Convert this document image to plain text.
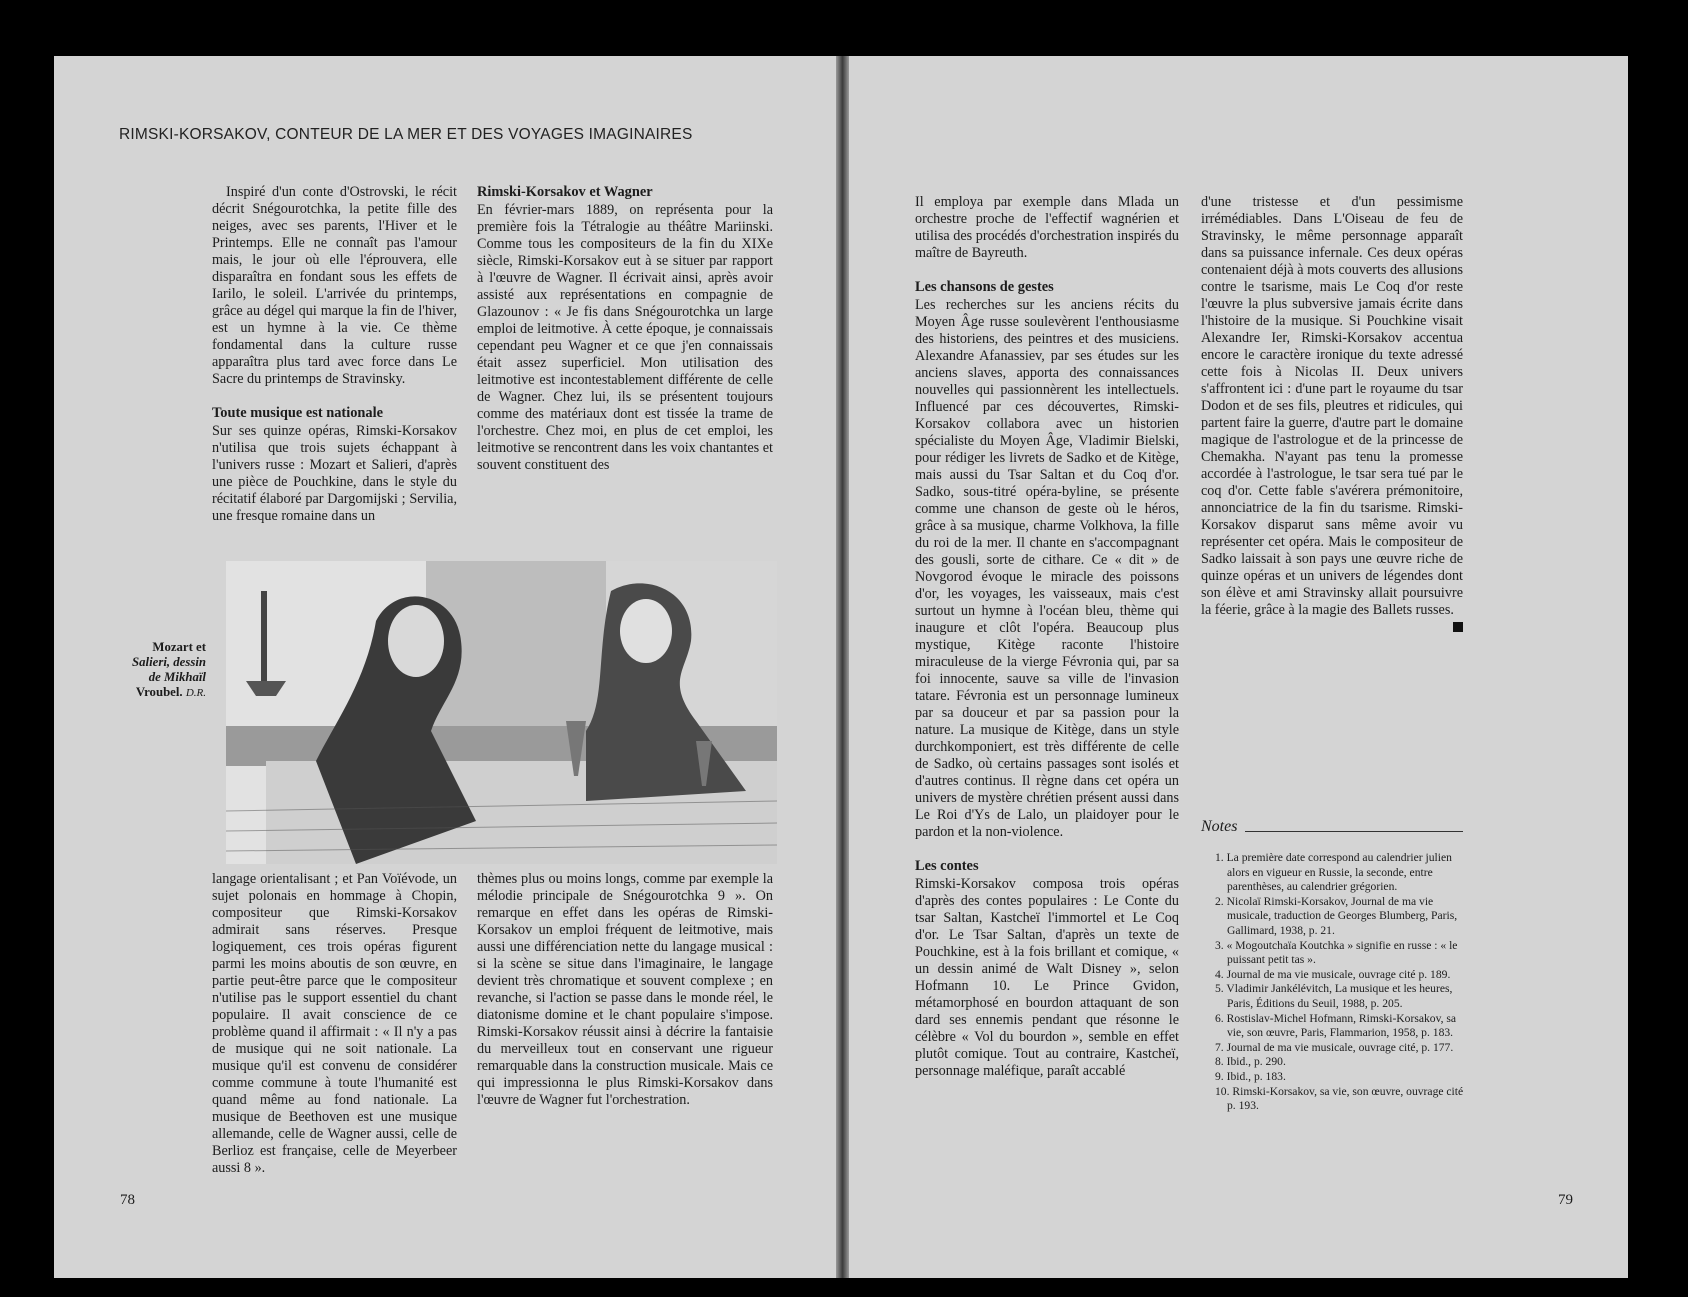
RIMSKI-KORSAKOV, CONTEUR DE LA MER ET DES VOYAGES IMAGINAIRES

Inspiré d'un conte d'Ostrovski, le récit décrit Snégourotchka, la petite fille des neiges, avec ses parents, l'Hiver et le Printemps. Elle ne connaît pas l'amour mais, le jour où elle l'éprouvera, elle disparaîtra en fondant sous les effets de Iarilo, le soleil. L'arrivée du printemps, grâce au dégel qui marque la fin de l'hiver, est un hymne à la vie. Ce thème fondamental dans la culture russe apparaîtra plus tard avec force dans Le Sacre du printemps de Stravinsky.

Toute musique est nationale

Sur ses quinze opéras, Rimski-Korsakov n'utilisa que trois sujets échappant à l'univers russe : Mozart et Salieri, d'après une pièce de Pouchkine, dans le style du récitatif élaboré par Dargomijski ; Servilia, une fresque romaine dans un

Rimski-Korsakov et Wagner

En février-mars 1889, on représenta pour la première fois la Tétralogie au théâtre Mariinski. Comme tous les compositeurs de la fin du XIXe siècle, Rimski-Korsakov eut à se situer par rapport à l'œuvre de Wagner. Il écrivait ainsi, après avoir assisté aux représentations en compagnie de Glazounov : « Je fis dans Snégourotchka un large emploi de leitmotive. À cette époque, je connaissais cependant peu Wagner et ce que j'en connaissais était assez superficiel. Mon utilisation des leitmotive est incontestablement différente de celle de Wagner. Chez lui, ils se présentent toujours comme des matériaux dont est tissée la trame de l'orchestre. Chez moi, en plus de cet emploi, les leitmotive se rencontrent dans les voix chantantes et souvent constituent des

Mozart et
Salieri, dessin
de Mikhaïl
Vroubel. D.R.

langage orientalisant ; et Pan Voïévode, un sujet polonais en hommage à Chopin, compositeur que Rimski-Korsakov admirait sans réserves. Presque logiquement, ces trois opéras figurent parmi les moins aboutis de son œuvre, en partie peut-être parce que le compositeur n'utilise pas le support essentiel du chant populaire. Il avait conscience de ce problème quand il affirmait : « Il n'y a pas de musique qui ne soit nationale. La musique qu'il est convenu de considérer comme commune à toute l'humanité est quand même au fond nationale. La musique de Beethoven est une musique allemande, celle de Wagner aussi, celle de Berlioz est française, celle de Meyerbeer aussi 8 ».

thèmes plus ou moins longs, comme par exemple la mélodie principale de Snégourotchka 9 ». On remarque en effet dans les opéras de Rimski-Korsakov un emploi fréquent de leitmotive, mais aussi une différenciation nette du langage musical : si la scène se situe dans l'imaginaire, le langage devient très chromatique et souvent complexe ; en revanche, si l'action se passe dans le monde réel, le diatonisme domine et le chant populaire s'impose. Rimski-Korsakov réussit ainsi à décrire la fantaisie du merveilleux tout en conservant une rigueur remarquable dans la construction musicale. Mais ce qui impressionna le plus Rimski-Korsakov dans l'œuvre de Wagner fut l'orchestration.

78

Il employa par exemple dans Mlada un orchestre proche de l'effectif wagnérien et utilisa des procédés d'orchestration inspirés du maître de Bayreuth.

Les chansons de gestes

Les recherches sur les anciens récits du Moyen Âge russe soulevèrent l'enthousiasme des historiens, des peintres et des musiciens. Alexandre Afanassiev, par ses études sur les anciens slaves, apporta des connaissances nouvelles qui passionnèrent les intellectuels. Influencé par ces découvertes, Rimski-Korsakov collabora avec un historien spécialiste du Moyen Âge, Vladimir Bielski, pour rédiger les livrets de Sadko et de Kitège, mais aussi du Tsar Saltan et du Coq d'or. Sadko, sous-titré opéra-byline, se présente comme une chanson de geste où le héros, grâce à sa musique, charme Volkhova, la fille du roi de la mer. Il chante en s'accompagnant des gousli, sorte de cithare. Ce « dit » de Novgorod évoque le miracle des poissons d'or, les voyages, les vaisseaux, mais c'est surtout un hymne à l'océan bleu, thème qui inaugure et clôt l'opéra. Beaucoup plus mystique, Kitège raconte l'histoire miraculeuse de la vierge Févronia qui, par sa foi innocente, sauve sa ville de l'invasion tatare. Févronia est un personnage lumineux par sa douceur et par sa passion pour la nature. La musique de Kitège, dans un style durchkomponiert, est très différente de celle de Sadko, où certains passages sont isolés et d'autres continus. Il règne dans cet opéra un univers de mystère chrétien présent aussi dans Le Roi d'Ys de Lalo, un plaidoyer pour le pardon et la non-violence.

Les contes

Rimski-Korsakov composa trois opéras d'après des contes populaires : Le Conte du tsar Saltan, Kastcheï l'immortel et Le Coq d'or. Le Tsar Saltan, d'après un texte de Pouchkine, est à la fois brillant et comique, « un dessin animé de Walt Disney », selon Hofmann 10. Le Prince Gvidon, métamorphosé en bourdon attaquant de son dard ses ennemis pendant que résonne le célèbre « Vol du bourdon », semble en effet plutôt comique. Tout au contraire, Kastcheï, personnage maléfique, paraît accablé

d'une tristesse et d'un pessimisme irrémédiables. Dans L'Oiseau de feu de Stravinsky, le même personnage apparaît dans sa puissance infernale. Ces deux opéras contenaient déjà à mots couverts des allusions contre le tsarisme, mais Le Coq d'or reste l'œuvre la plus subversive jamais écrite dans l'histoire de la musique. Si Pouchkine visait Alexandre Ier, Rimski-Korsakov accentua encore le caractère ironique du texte adressé cette fois à Nicolas II. Deux univers s'affrontent ici : d'une part le royaume du tsar Dodon et de ses fils, pleutres et ridicules, qui partent faire la guerre, d'autre part le domaine magique de l'astrologue et de la princesse de Chemakha. N'ayant pas tenu la promesse accordée à l'astrologue, le tsar sera tué par le coq d'or. Cette fable s'avérera prémonitoire, annonciatrice de la fin du tsarisme. Rimski-Korsakov disparut sans même avoir vu représenter cet opéra. Mais le compositeur de Sadko laissait à son pays une œuvre riche de quinze opéras et un univers de légendes dont son élève et ami Stravinsky allait poursuivre la féerie, grâce à la magie des Ballets russes.

Notes
1. La première date correspond au calendrier julien alors en vigueur en Russie, la seconde, entre parenthèses, au calendrier grégorien.
2. Nicolaï Rimski-Korsakov, Journal de ma vie musicale, traduction de Georges Blumberg, Paris, Gallimard, 1938, p. 21.
3. « Mogoutchaïa Koutchka » signifie en russe : « le puissant petit tas ».
4. Journal de ma vie musicale, ouvrage cité p. 189.
5. Vladimir Jankélévitch, La musique et les heures, Paris, Éditions du Seuil, 1988, p. 205.
6. Rostislav-Michel Hofmann, Rimski-Korsakov, sa vie, son œuvre, Paris, Flammarion, 1958, p. 183.
7. Journal de ma vie musicale, ouvrage cité, p. 177.
8. Ibid., p. 290.
9. Ibid., p. 183.
10. Rimski-Korsakov, sa vie, son œuvre, ouvrage cité p. 193.
79
